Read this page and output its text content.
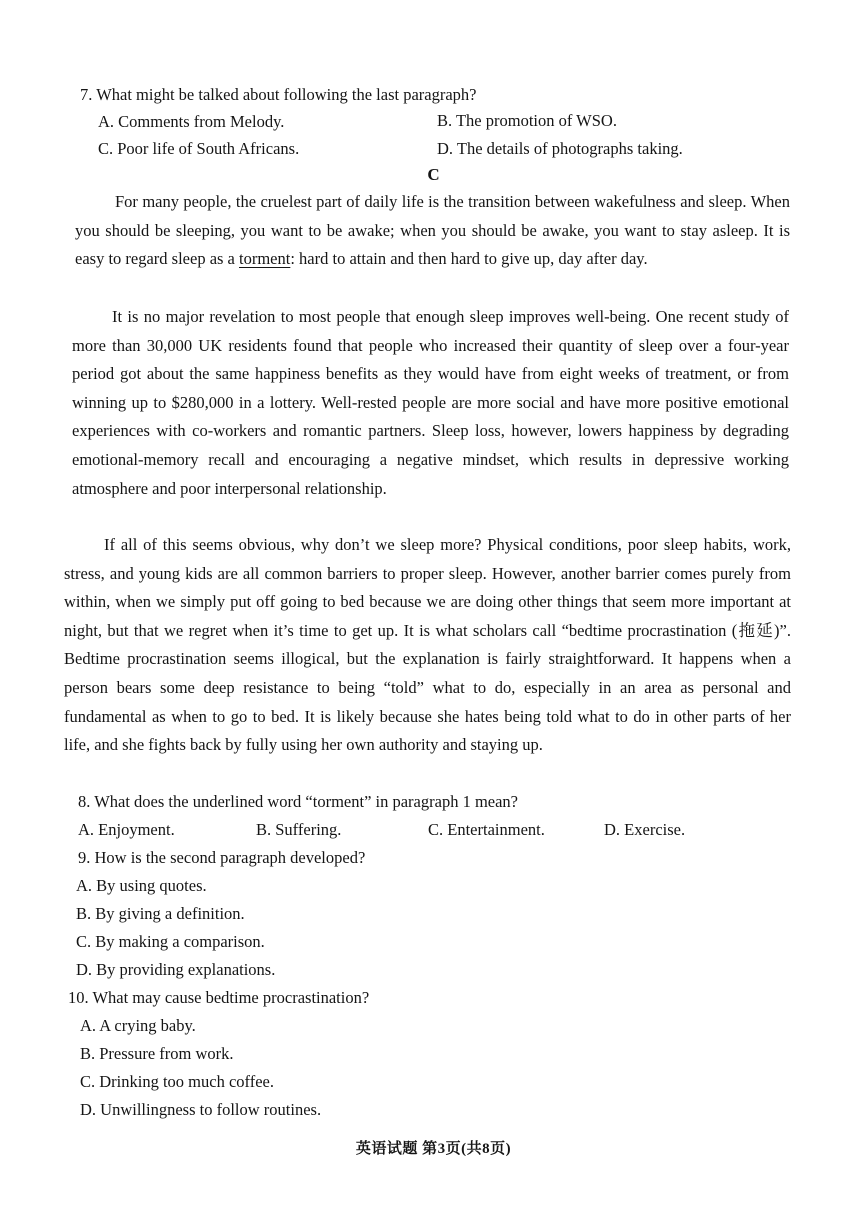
7. What might be talked about following the last paragraph?
A. Comments from Melody.	B. The promotion of WSO.
C. Poor life of South Africans.	D. The details of photographs taking.
C
For many people, the cruelest part of daily life is the transition between wakefulness and sleep. When you should be sleeping, you want to be awake; when you should be awake, you want to stay asleep. It is easy to regard sleep as a torment: hard to attain and then hard to give up, day after day.
It is no major revelation to most people that enough sleep improves well-being. One recent study of more than 30,000 UK residents found that people who increased their quantity of sleep over a four-year period got about the same happiness benefits as they would have from eight weeks of treatment, or from winning up to $280,000 in a lottery. Well-rested people are more social and have more positive emotional experiences with co-workers and romantic partners. Sleep loss, however, lowers happiness by degrading emotional-memory recall and encouraging a negative mindset, which results in depressive working atmosphere and poor interpersonal relationship.
If all of this seems obvious, why don’t we sleep more? Physical conditions, poor sleep habits, work, stress, and young kids are all common barriers to proper sleep. However, another barrier comes purely from within, when we simply put off going to bed because we are doing other things that seem more important at night, but that we regret when it’s time to get up. It is what scholars call “bedtime procrastination (拖延)”. Bedtime procrastination seems illogical, but the explanation is fairly straightforward. It happens when a person bears some deep resistance to being “told” what to do, especially in an area as personal and fundamental as when to go to bed. It is likely because she hates being told what to do in other parts of her life, and she fights back by fully using her own authority and staying up.
8. What does the underlined word “torment” in paragraph 1 mean?
A. Enjoyment.	B. Suffering.	C. Entertainment.	D. Exercise.
9. How is the second paragraph developed?
A. By using quotes.
B. By giving a definition.
C. By making a comparison.
D. By providing explanations.
10. What may cause bedtime procrastination?
A. A crying baby.
B. Pressure from work.
C. Drinking too much coffee.
D. Unwillingness to follow routines.
英语试题 第3页(共8页)
